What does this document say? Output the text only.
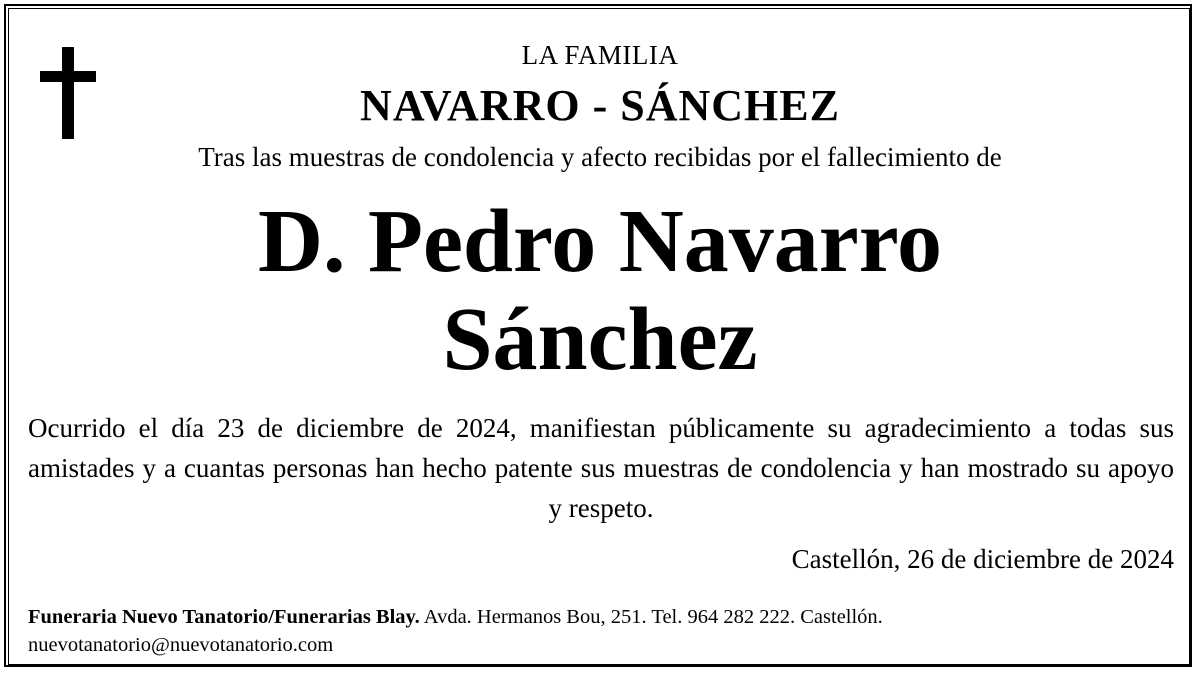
LA FAMILIA
NAVARRO - SÁNCHEZ
Tras las muestras de condolencia y afecto recibidas por el fallecimiento de
D. Pedro Navarro
Sánchez
Ocurrido el día 23 de diciembre de 2024, manifiestan públicamente su agradecimiento a todas sus amistades y a cuantas personas han hecho patente sus muestras de condolencia y han mostrado su apoyo y respeto.
Castellón, 26 de diciembre de 2024
Funeraria Nuevo Tanatorio/Funerarias Blay. Avda. Hermanos Bou, 251. Tel. 964 282 222. Castellón.
nuevotanatorio@nuevotanatorio.com
